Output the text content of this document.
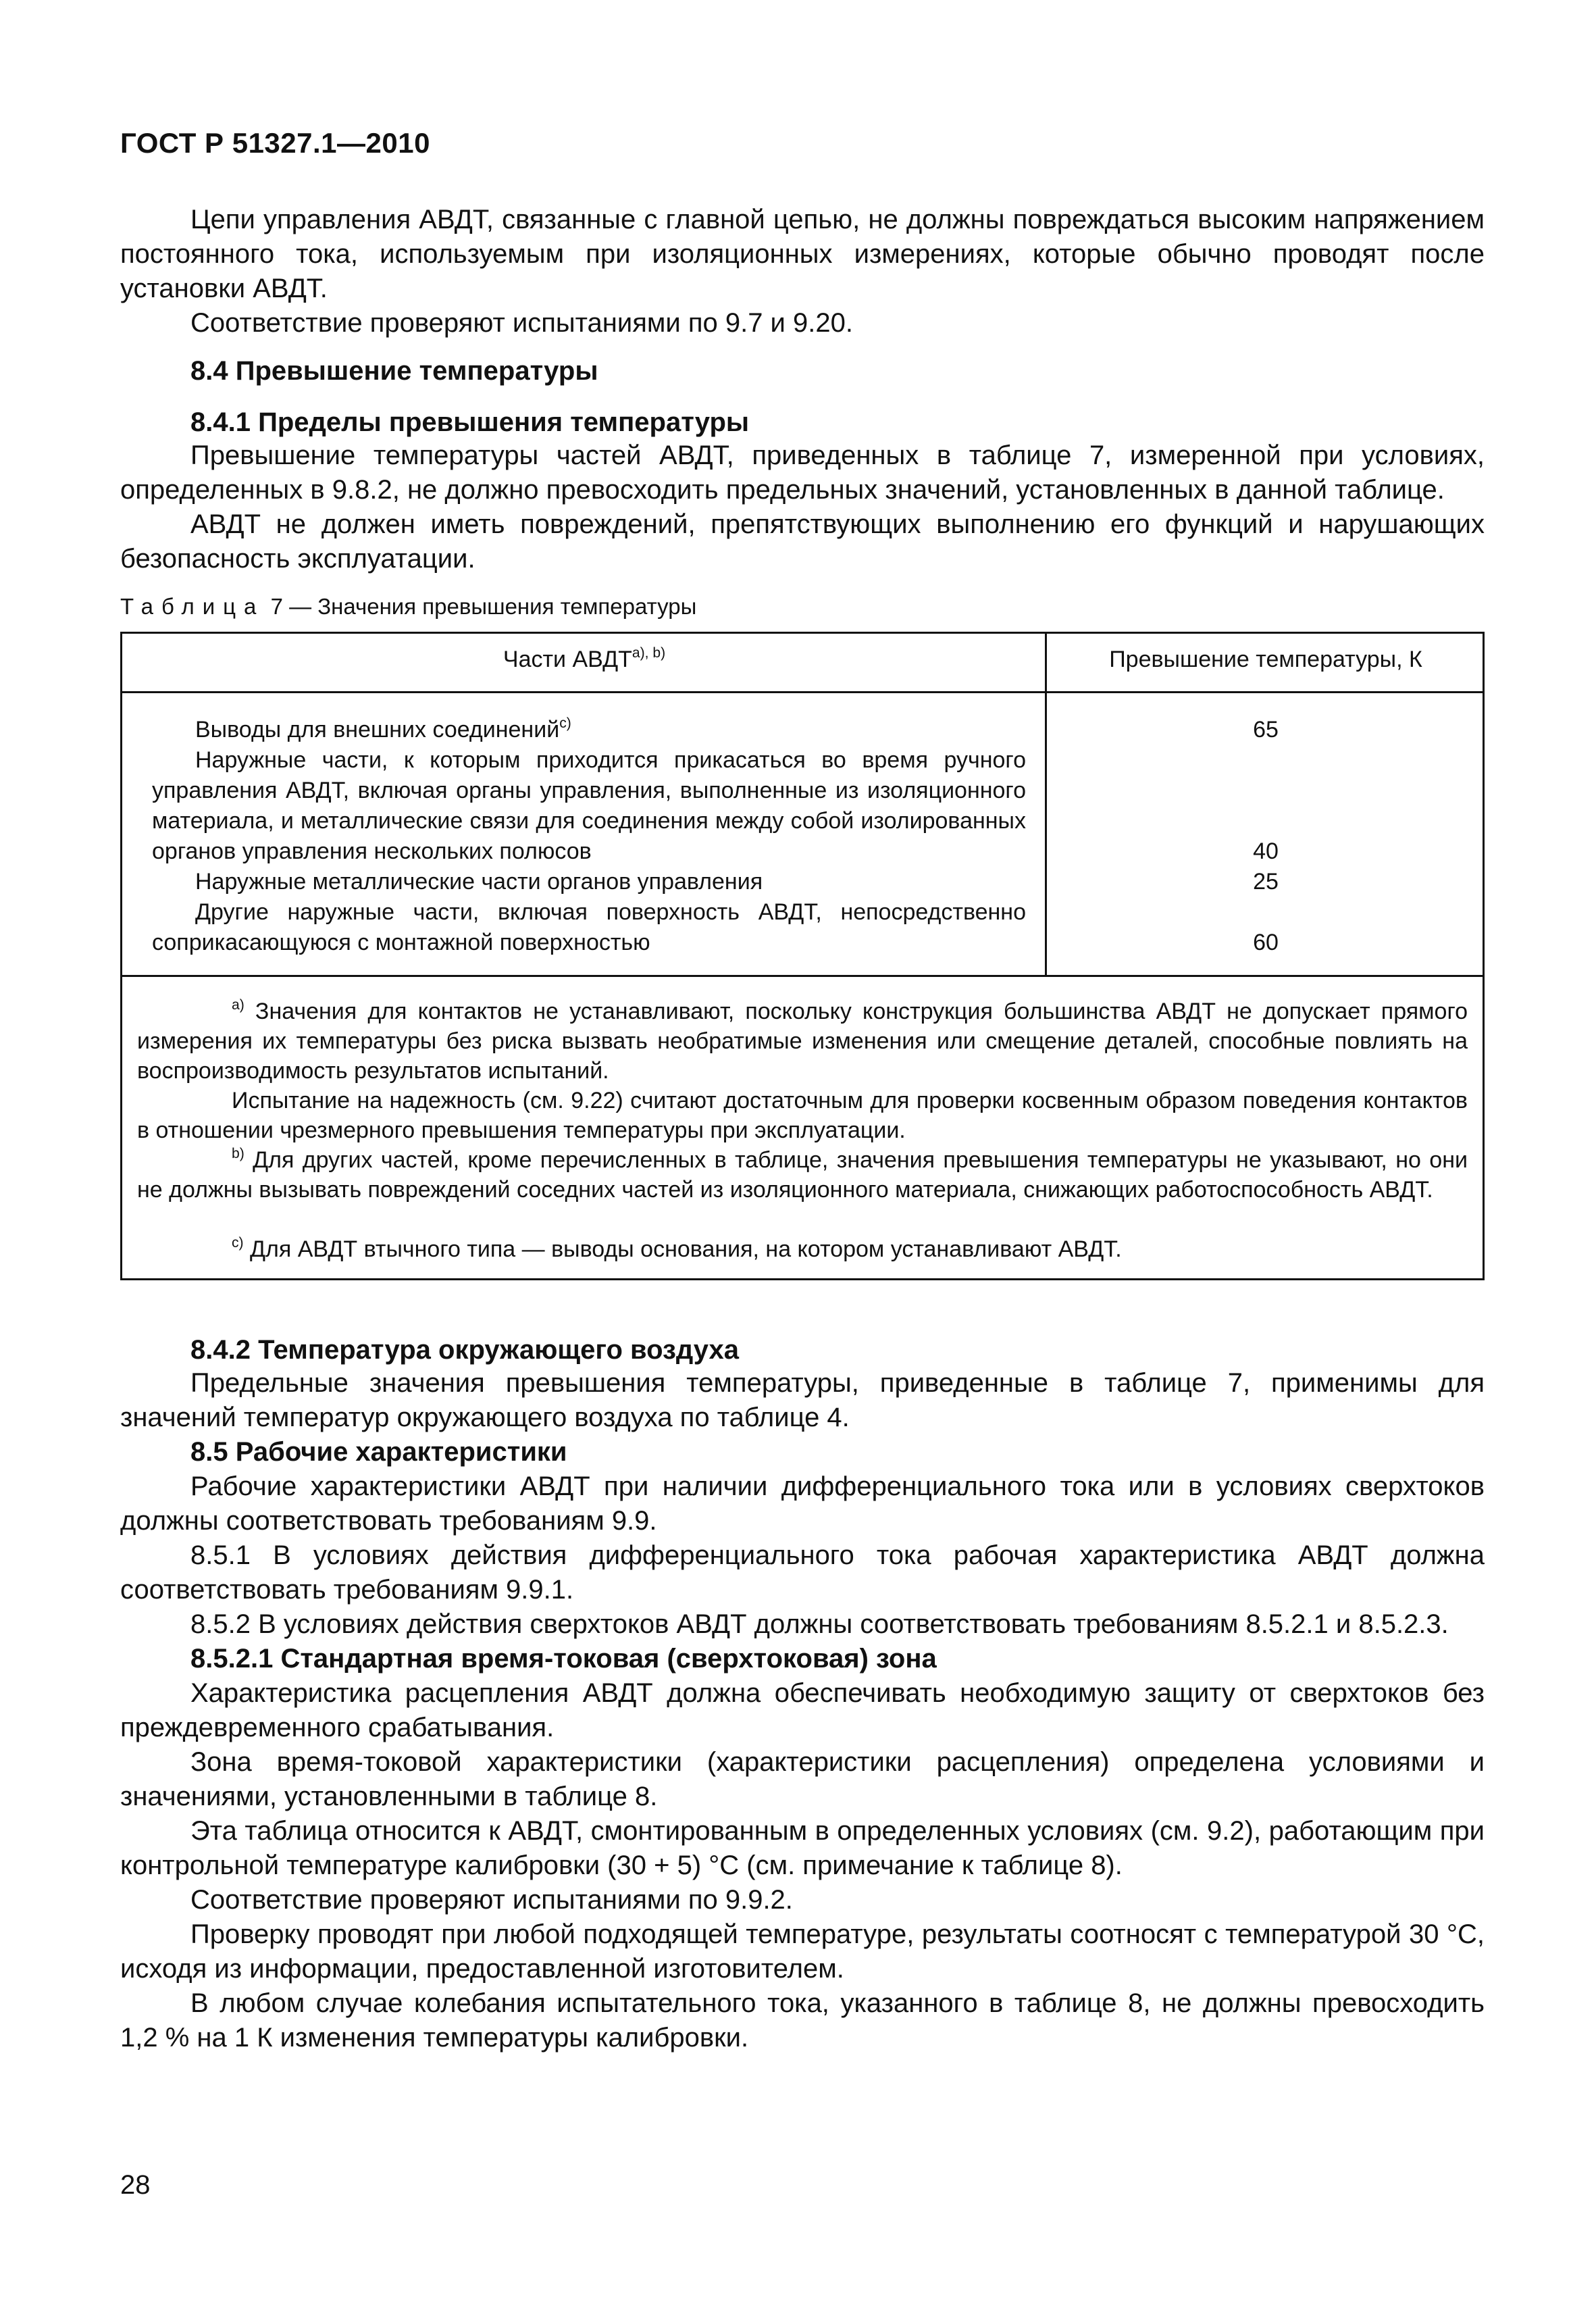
ГОСТ Р 51327.1—2010

Цепи управления АВДТ, связанные с главной цепью, не должны повреждаться высоким напряжением постоянного тока, используемым при изоляционных измерениях, которые обычно проводят после установки АВДТ.

Соответствие проверяют испытаниями по 9.7 и 9.20.

8.4 Превышение температуры
8.4.1 Пределы превышения температуры

Превышение температуры частей АВДТ, приведенных в таблице 7, измеренной при условиях, определенных в 9.8.2, не должно превосходить предельных значений, установленных в данной таблице.

АВДТ не должен иметь повреждений, препятствующих выполнению его функций и нарушающих безопасность эксплуатации.

Таблица 7 — Значения превышения температуры
Части $АВДТ^{a), b)}$	Превышение температуры, К
Выводы для внешних соединений$^{c)}$	65
Наружные части, к которым приходится прикасаться во время ручного управления АВДТ, включая органы управления, выполненные из изоляционного материала, и металлические связи для соединения между собой изолированных органов управления нескольких полюсов	40
Наружные металлические части органов управления	25
Другие наружные части, включая поверхность АВДТ, непосредственно соприкасающуюся с монтажной поверхностью	60
$^{a)}$ Значения для контактов не устанавливают, поскольку конструкция большинства АВДТ не допускает прямого измерения их температуры без риска вызвать необратимые изменения или смещение деталей, способные повлиять на воспроизводимость результатов испытаний.
Испытание на надежность (см. 9.22) считают достаточным для проверки косвенным образом поведения контактов в отношении чрезмерного превышения температуры при эксплуатации.
$^{b)}$ Для других частей, кроме перечисленных в таблице, значения превышения температуры не указывают, но они не должны вызывать повреждений соседних частей из изоляционного материала, снижающих работоспособность АВДТ.
$^{c)}$ Для АВДТ втычного типа — выводы основания, на котором устанавливают АВДТ.
8.4.2 Температура окружающего воздуха

Предельные значения превышения температуры, приведенные в таблице 7, применимы для значений температур окружающего воздуха по таблице 4.

8.5 Рабочие характеристики

Рабочие характеристики АВДТ при наличии дифференциального тока или в условиях сверхтоков должны соответствовать требованиям 9.9.

8.5.1 В условиях действия дифференциального тока рабочая характеристика АВДТ должна соответствовать требованиям 9.9.1.

8.5.2 В условиях действия сверхтоков АВДТ должны соответствовать требованиям 8.5.2.1 и 8.5.2.3.

8.5.2.1 Стандартная время-токовая (сверхтоковая) зона

Характеристика расцепления АВДТ должна обеспечивать необходимую защиту от сверхтоков без преждевременного срабатывания.

Зона время-токовой характеристики (характеристики расцепления) определена условиями и значениями, установленными в таблице 8.

Эта таблица относится к АВДТ, смонтированным в определенных условиях (см. 9.2), работающим при контрольной температуре калибровки (30 + 5) °С (см. примечание к таблице 8).

Соответствие проверяют испытаниями по 9.9.2.

Проверку проводят при любой подходящей температуре, результаты соотносят с температурой 30 °С, исходя из информации, предоставленной изготовителем.

В любом случае колебания испытательного тока, указанного в таблице 8, не должны превосходить 1,2 % на 1 К изменения температуры калибровки.

28
